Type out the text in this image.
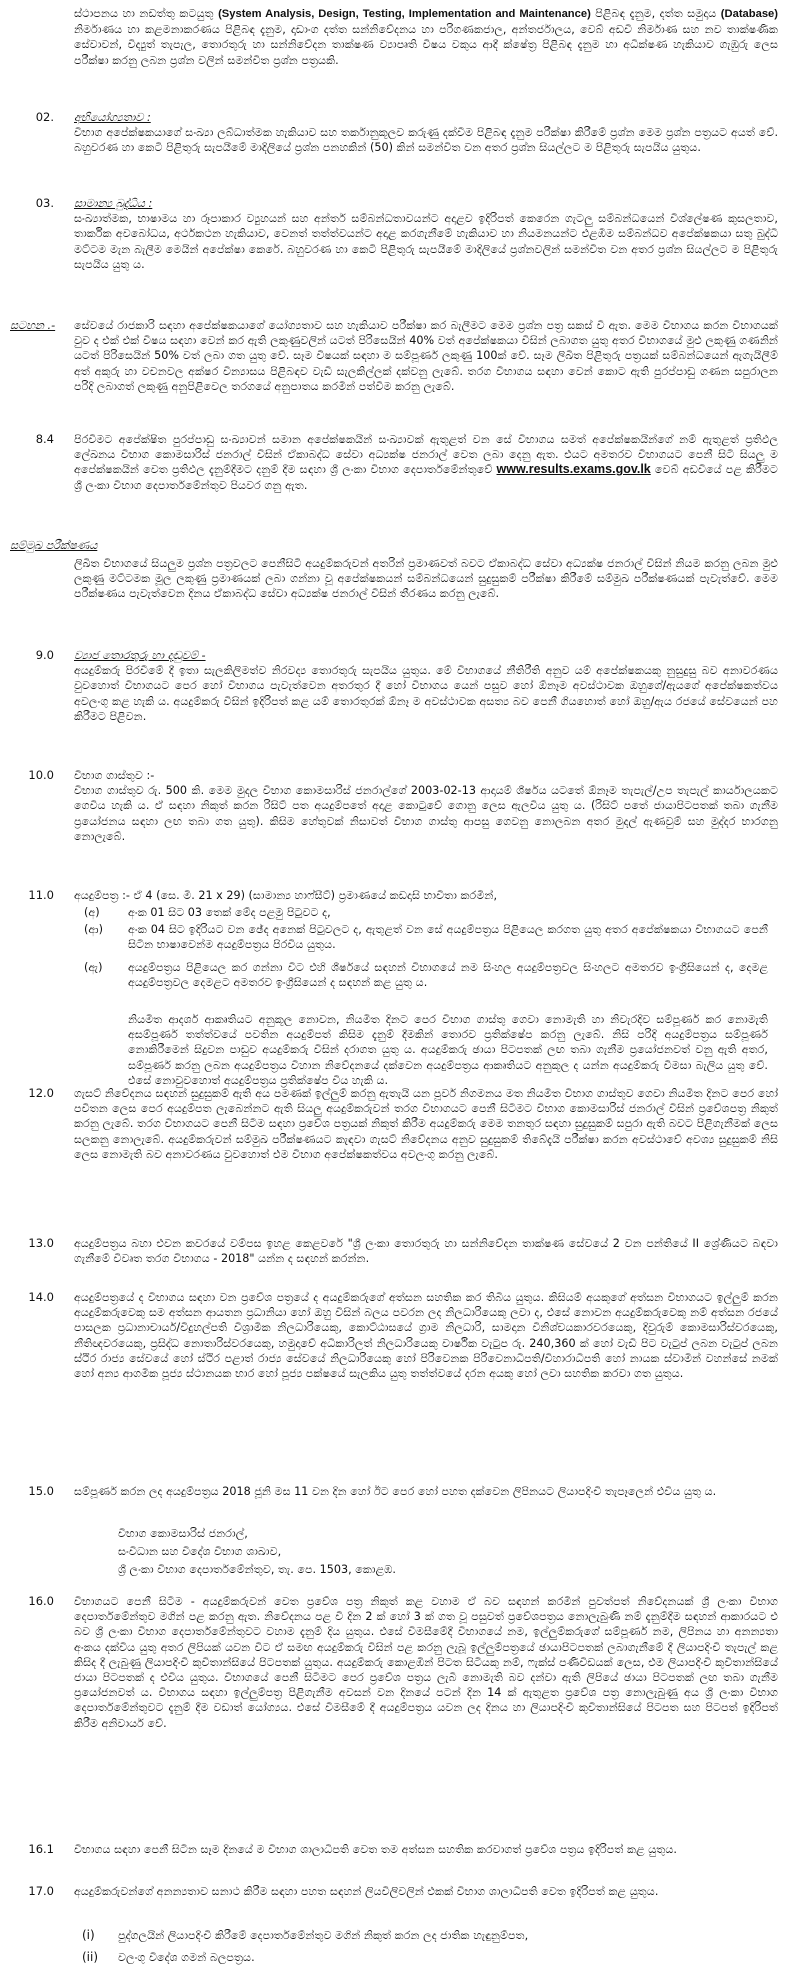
ස්ථාපනය හා නඩත්තු කටයුතු (System Analysis, Design, Testing, Implementation and Maintenance) පිළිබඳ දැනුම, දත්ත සමුදාය (Database) නිර්මාණය හා කළමනාකරණය පිළිබඳ දැනුම, දෘඩාංග දත්ත සන්නිවේදනය හා පරිගණකජාල, අන්තර්ජාලය, වෙබ් අඩවි නිර්මාණ සහ නව තාක්ෂණික සේවාවන්, විද්‍යුත් තැපැල, තොරතුරු හා සන්නිවේදන තාක්ෂණ ව්‍යාපෘති විෂය වකුය ආදී ක්ෂේත්‍ර පිළිබඳ දැනුම හා අධීක්ෂණ හැකියාව ගැඹුරු ලෙස පරීක්ෂා කරනු ලබන ප්‍රශ්න වලින් සමන්විත ප්‍රශ්න පත්‍රයකි.
02. අභියෝග්‍යතාව :
විභාග අපේක්ෂකයාගේ සංඛ්‍යා ලබ්ධාත්මක හැකියාව සහ තර්කානුකූලව කරුණු දක්වීම පිළිබඳ දැනුම පරීක්ෂා කිරීමේ ප්‍රශ්න මෙම ප්‍රශ්න පත්‍රයට අයත් වේ. බහුවරණ හා කෙටි පිළිතුරු සැපයීමේ මාදිලියේ ප්‍රශ්න පනහකින් (50) කින් සමන්විත වන අතර ප්‍රශ්න සියල්ලට ම පිළිතුරු සැපයිය යුතුය.
03. සාමාන්‍ය බුද්ධිය :
සංඛ්‍යාත්මක, භාෂාමය හා රූපාකාර ව්‍යුහයන් සහ අන්තර් සම්බන්ධතාවයන්ට අදාළව ඉදිරිපත් කෙරෙන ගැටලු සම්බන්ධයෙන් විශ්ලේෂණ කුසලතාව, තාර්කික අවබෝධය, අර්ථකථන හැකියාව, වෙනත් තත්ත්වයන්ට අදාළ කරගැනීමේ හැකියාව හා නියමනයන්ට එළඹීම සම්බන්ධව අපේක්ෂකයා සතු බුද්ධි මට්ටම මැන බැලීම මෙයින් අපේක්ෂා කෙරේ. බහුවරණ හා කෙටි පිළිතුරු සැපයීමේ මාදිලියේ ප්‍රශ්නවලින් සමන්විත වන අතර ප්‍රශ්න සියල්ලට ම පිළිතුරු සැපයිය යුතු ය.
සටහන .-	සේවයේ රාජකාරි සඳහා අපේක්ෂකයාගේ යෝග්‍යතාව සහ හැකියාව පරීක්ෂා කර බැලීමට මෙම ප්‍රශ්න පත්‍ර සකස් වී ඇත. මෙම විභාගය කරන විභාගයක් වුව ද එක් එක් විෂය සඳහා වෙන් කර ඇති ලකුණුවලින් යටත් පිරිසෙයින් 40% වත් අපේක්ෂකයා විසින් ලබාගත යුතු අතර විභාගයේ මුළු ලකුණු ගණනින් යටත් පිරිසෙයින් 50% වත් ලබා ගත යුතු වේ. සෑම විෂයක් සඳහා ම සම්පූර්ණ ලකුණු 100ක් වේ. සෑම ලිඛිත පිළිතුරු පත්‍රයක් සම්බන්ධයෙන් ඇගැයිලීම් අත් අකුරු හා වචනවල අක්ෂර වින්‍යාසය පිළිබඳව වැඩි සැලකිල්ලක් දක්වනු ලැබේ. තරග විභාගය සඳහා වෙන් කොට ඇති පුරප්පාඩු ගණන සපුරාලන පරිදි ලබාගත් ලකුණු අනුපිළිවෙල තරගයේ අනුපාතය කරමින් පත්වීම කරනු ලැබේ.
8.4 පිරවීමට අපේක්ෂිත පුරප්පාඩු සංඛ්‍යාවන් සමාන අපේක්ෂකයින් සංඛ්‍යාවක් ඇතුළත් වන සේ විභාගය සමත් අපේක්ෂකයින්ගේ නම් ඇතුළත් ප්‍රතිඵල ලේඛනය විභාග කොමසාරිස් ජනරාල් විසින් ඒකාබද්ධ සේවා අධ්‍යක්ෂ ජනරාල් වෙත ලබා දෙනු ඇත. එයට අමතරව විභාගයට පෙනී සිටි සියලු ම අපේක්ෂකයින් වෙත ප්‍රතිඵල දැනුම්දීමට දනුම් දීම සඳහා ශ්‍රී ලංකා විභාග දෙපාර්තමේන්තුවේ www.results.exams.gov.lk වෙබ් අඩවියේ පළ කිරීමට ශ්‍රී ලංකා විභාග දෙපාර්තමේන්තුව පියවර ගනු ඇත.
සම්මුඛ පරීක්ෂණය
ලිඛිත විභාගයේ සියලුම ප්‍රශ්න පත්‍රවලට පෙනීසිටි අයදුම්කරුවන් අතරින් ප්‍රමාණවත් බවට ඒකාබද්ධ සේවා අධ්‍යක්ෂ ජනරාල් විසින් නියම කරනු ලබන මුළු ලකුණු මට්ටමක මූල ලකුණු ප්‍රමාණයක් ලබා ගන්නා වූ අපේක්ෂකයන් සම්බන්ධයෙන් සුදුසුකම් පරීක්ෂා කිරීමේ සම්මුඛ පරීක්ෂණයක් පැවැත්වේ. මෙම පරීක්ෂණය පැවැත්වෙන දිනය ඒකාබද්ධ සේවා අධ්‍යක්ෂ ජනරාල් විසින් තීරණය කරනු ලැබේ.
9.0 ව්‍යාජ තොරතුරු හා දඬුවම් -
අයදුම්කරු පිරවීමේ දී ඉතා සැලකිලිමත්ව නිරවද්‍ය තොරතුරු සැපයිය යුතුය. මේ විභාගයේ නීතිරීති අනුව යම් අපේක්ෂකයකු නුසුදුසු බව අනාවරණය වුවහොත් විභාගයට පෙර හෝ විභාගය පැවැත්වෙන අතරතුර දී හෝ විභාගය යෙන් පසුව හෝ ඕනෑම අවස්ථාවක ඔහුගේ/ඇයගේ අපේක්ෂකත්වය අවලංගු කළ හැකි ය. අයදුම්කරු විසින් ඉදිරිපත් කළ යම් තොරතුරක් ඕනෑ ම අවස්ථාවක අසත්‍ය බව පෙනී ගියහොත් හෝ ඔහු/ඇය රජයේ සේවයෙන් පහ කිරීමට පිළිවන.
10.0 විභාග ගාස්තුව :-
විභාග ගාස්තුව රු. 500 කි. මෙම මුදල විභාග කොමසාරිස් ජනරාල්ගේ 2003-02-13 ආදායම් ශීර්ෂය යටතේ ඕනෑම තැපැල්/උප තැපැල් කාර්යාලයකට ගෙවිය හැකි ය. ඒ සඳහා නිකුත් කරන රිසිට් පත අයදුම්පතේ අදාළ කොටුවේ ගොනු ලෙස ඇලවිය යුතු ය. (රිසිට් පතේ ජායාපිටපතක් තබා ගැනීම ප්‍රයෝජනය සඳහා ලඟ තබා ගත යුතු). කිසිම හේතුවක් නිසාවත් විභාග ගාස්තු ආපසු ගෙවනු නොලබන අතර මුදල් ඇණවුම් සහ මුද්දර භාරගනු නොලැබේ.
11.0 අයදුම්පත්‍ර :- ඒ 4 (සෙ. මී. 21 x 29) (සාමාන්‍ය හාෆ්සීට්) ප්‍රමාණයේ කඩදාසි භාවිතා කරමින්,
(අ)	අංක 01 සිට 03 තෙක් මේද පළමු පිටුවට ද,
(ආ) අංක 04 සිට ඉදිරියට වන ඡේද අනෙක් පිටුවලට ද, ඇතුළත් වන සේ අයදුම්පත්‍රය පිළියෙල කරගත යුතු අතර අපේක්ෂකයා විභාගයට පෙනී සිටින භාෂාවෙන්ම අයදුම්පත්‍රය පිරවිය යුතුය.
(ඇ) අයදුම්පත්‍රය පිළියෙල කර ගන්නා විට එහි ශීර්ෂයේ සඳහන් විභාගයේ නම සිංහල අයදුම්පත්‍රවල සිංහලට අමතරව ඉංග්‍රීසියෙන් ද, දෙමළ අයදුම්පත්‍රවල දෙමළට අමතරව ඉංග්‍රීසියෙන් ද සඳහන් කළ යුතු ය.
නියමිත ආදර්ශ ආකෘතියට අනුකූල නොවන, නියමිත දිනට පෙර විභාග ගාස්තු ගෙවා නොමැති හා නිවැරදිව සම්පූර්ණ කර නොමැති අසම්පූර්ණ තත්ත්වයේ පවතින අයදුම්පත් කිසිම දැනුම් දීමකින් තොරව ප්‍රතික්ෂේප කරනු ලැබේ. නිසි පරිදි අයදුම්පත්‍රය සම්පූර්ණ නොකිරීමෙන් සිදුවන පාඩුව අයදුම්කරු විසින් දරාගත යුතු ය. අයදුම්කරු ඡායා පිටපතක් ලඟ තබා ගැනීම ප්‍රයෝජනවත් වනු ඇති අතර, සම්පූර්ණ කරනු ලබන අයදුම්පත්‍රය විහාන නිවේදනයේ දක්වෙන අයදුම්පත්‍රය ආකෘතියට අනුකූල ද යන්න අයදුම්කරු විමසා බැලිය යුතු වේ. එසේ නොවුවහොත් අයදුම්පත්‍රය ප්‍රතික්ෂේප විය හැකි ය.
12.0 ගැසට් නිවේදනය සඳහන් සුදුසුකම් ඇති අය පමණක් ඉල්ලුම් කරනු ඇතැයි යන පූර්ව නිගමනය මත නියමිත විභාග ගාස්තුව ගෙවා නියමිත දිනට පෙර හෝ පවිතන ලෙස පෙර අයදුම්පත ලැබෙන්නට ඇති සියලු අයදුම්කරුවන් තරග විභාගයට පෙනී සිටීමට විභාග කොමසාරිස් ජනරාල් විසින් ප්‍රවේශපත්‍ර නිකුත් කරනු ලැබේ. තරග විභාගයට පෙනී සිටීම සඳහා ප්‍රවේශ පත්‍රයක් නිකුත් කිරීම අයදුම්කරු මෙම තනතුර සඳහා සුදුසුකම් සපුරා ඇති බවට පිළිගැනීමක් ලෙස සලකනු නොලැබේ. අයදුම්කරුවන් සම්මුඛ පරීක්ෂණයට කැඳවා ගැසට් නිවේදනය අනුව සුදුසුකම් තිබේදැයි පරීක්ෂා කරන අවස්ථාවේ අවශ්‍ය සුදුසුකම් නිසි ලෙස නොමැති බව අනාවරණය වුවහොත් එම විභාග අපේක්ෂකත්වය අවලංගු කරනු ලැබේ.
13.0 අයදුම්පත්‍රය බහා එවන කවරයේ වම්පස ඉහළ කෙළවරේ "ශ්‍රී ලංකා තොරතුරු හා සන්නිවේදන තාක්ෂණ සේවයේ 2 වන පන්තියේ II ශ්‍රේණියට බඳවා ගැනීමේ විවෘත තරග විභාගය - 2018" යන්න ද සඳහන් කරන්න.
14.0 අයදුම්පත්‍රයේ ද විභාගය සඳහා වන ප්‍රවේශ පත්‍රයේ ද අයදුම්කරුගේ අත්සන සහතික කර තිබිය යුතුය. කිසියම් අයකුගේ අත්සන විභාගයට ඉල්ලුම් කරන අයදුම්කරුවෙකු සම අත්සන ආයතන ප්‍රධානියා හෝ ඔහු විසින් බලය පවරන ලද නිලධාරියෙකු ලවා ද, එසේ නොවන අයදුම්කරුවෙකු නම් අත්සන රජයේ පාසලක ප්‍රධානාචාර්ය/විදුහල්පති විශ්‍රාමික නිලධාරියෙකු, කොට්ඨාසයේ ග්‍රාම නිලධාරි, සාමදාන විනිශ්චයකාරවරයෙකු, දිවුරුම් කොමසාරිස්වරයෙකු, නීතිඥවරයෙකු, ප්‍රසිද්ධ නොතාරිස්වරයෙකු, හමුදාවේ අධිකාරිලත් නිලධාරියෙකු වාර්ෂික වැටුප රු. 240,360 ක් හෝ වැඩි පිට වැටුප් ලබන වැටුප් ලබන ස්ථිර රාජ්‍ය සේවයේ හෝ ස්ථිර පළාත් රාජ්‍ය සේවයේ නිලධාරියෙකු හෝ පිරිවෙනක පිරිවෙනාධිපති/විහාරාධිපති හෝ නායක ස්වාමින් වහන්සේ නමක් හෝ අන්‍ය ආගමික පූජ්‍ය ස්ථානයක භාර හෝ පූජ්‍ය පක්ෂයේ සැලකිය යුතු තත්ත්වයේ දරන අයකු හෝ ලවා සහතික කරවා ගත යුතුය.
15.0 සම්පූර්ණ කරන ලද අයදුම්පත්‍රය 2018 ජූනි මස 11 වන දින හෝ ඊට පෙර හෝ පහත දක්වෙන ලිපිනයට ලියාපදිංචි තැපෑලෙන් එවිය යුතු ය.
විභාග කොමසාරිස් ජනරාල්,
සංවිධාන සහ විදේශ විභාග ශාඛාව,
ශ්‍රී ලංකා විභාග දෙපාර්තමේන්තුව, තැ. පෙ. 1503, කොළඹ.
16.0 විභාගයට පෙනී සිටීම - අයදුම්කරුවන් වෙත ප්‍රවේශ පත්‍ර නිකුත් කළ වහාම ඒ බව සඳහන් කරමින් පුවත්පත් නිවේදනයක් ශ්‍රී ලංකා විභාග දෙපාර්තමේන්තුව මගින් පළ කරනු ඇත. නිවේදනය පළ වී දින 2 ක් හෝ 3 ක් ගත වූ පසුවත් ප්‍රවේශපත්‍රය නොලැබුණි නම් දැනුම්දීම සඳහන් ආකාරයට එ බව ශ්‍රී ලංකා විභාග දෙපාර්තමේන්තුවට වහාම දැනුම් දිය යුතුය. එසේ විමසීමේදී විභාගයේ නම, ඉල්ලුම්කරුගේ සම්පූර්ණ නම, ලිපිනය හා අනන්‍යතා අංකය දක්විය යුතු අතර ලිපියක් යවන විට ඒ සමඟ අයදුම්කරු විසින් පළ කරනු ලැබූ ඉල්ලුම්පත්‍රයේ ඡායාපිටපතක් ලබාගැනීමේ දී ලියාපදිංචි තැපැල් කළ කිසිද දී ලැබුණු ලියාපදිංචි කුවිතාන්සියේ පිටපතක් යුතුය. අයදුම්කරු කොළඹින් පිටත සිටියකු නම්, ෆැක්ස් පණිවිඩයක් ලෙස, එම ලියාපදිංචි කුවිතාන්සියේ ජායා පිටපතක් ද එවිය යුතුය. විභාගයේ පෙනී සිටීමට පෙර ප්‍රවේශ පත්‍රය ලැබී නොමැති බව දන්වා ඇති ලිපියේ ඡායා පිටපතක් ලඟ තබා ගැනීම ප්‍රයෝජනවත් ය. විභාගය සඳහා ඉල්ලුම්පත්‍ර පිළිගැනීම අවසන් වන දිනයේ පටන් දින 14 ක් ඇතුළත ප්‍රවේශ පත්‍ර නොලැබුණු අය ශ්‍රී ලංකා විභාග දෙපාර්තමේන්තුවට දැනුම් දීම වඩාත් යෝග්‍යය. එසේ විමසීමේ දී අයදුම්පත්‍රය යවන ලද දිනය හා ලියාපදිංචි කුවිතාන්සියේ පිටපත සහ පිටපත් ඉදිරිපත් කිරීම අනිවාර්ය වේ.
16.1 විභාගය සඳහා පෙනී සිටින සෑම දිනයේ ම විභාග ශාලාධිපති වෙත තම අත්සන සහතික කරවාගත් ප්‍රවේශ පත්‍රය ඉදිරිපත් කළ යුතුය.
17.0 අයදුම්කරුවන්ගේ අනන්‍යතාව සනාථ කිරීම සඳහා පහත සඳහන් ලියවිලිවලින් එකක් විභාග ශාලාධිපති වෙත ඉදිරිපත් කළ යුතුය.
(i) පුද්ගලයින් ලියාපදිංචි කිරීමේ දෙපාර්තමේන්තුව මගින් නිකුත් කරන ලද ජාතික හැඳුනුම්පත,
(ii) වලංගු විදේශ ගමන් බලපත්‍රය.
